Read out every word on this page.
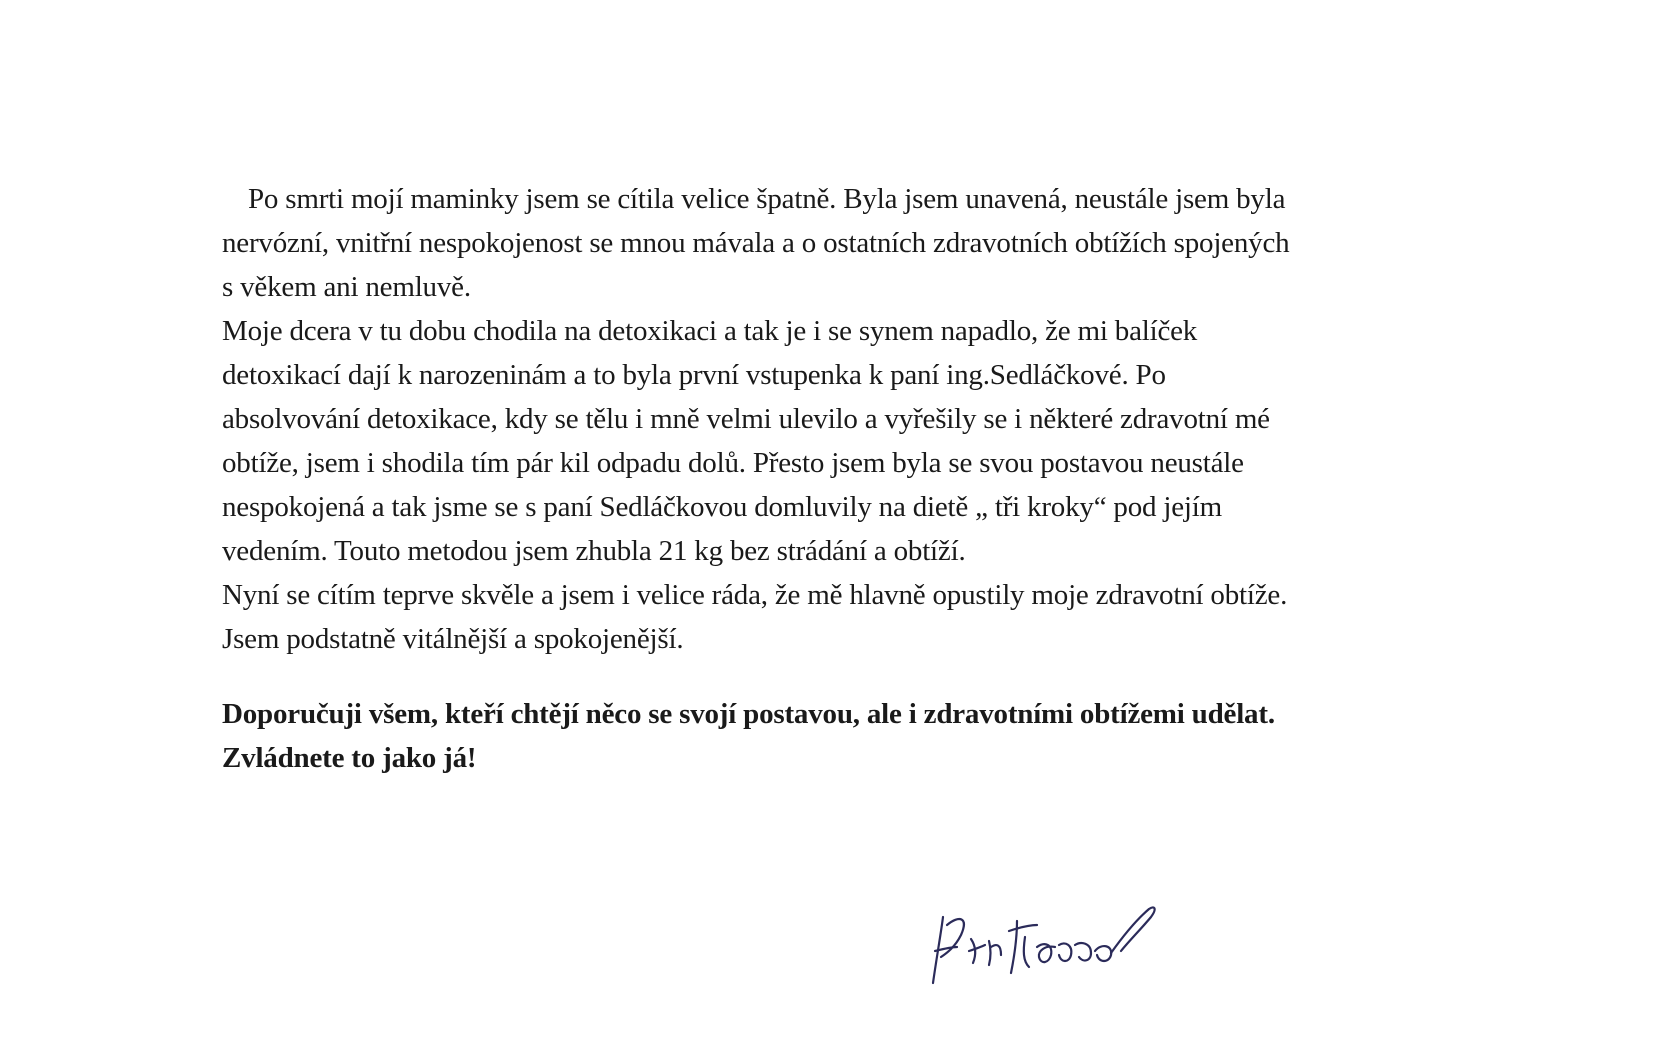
Po smrti mojí maminky jsem se cítila velice špatně. Byla jsem unavená, neustále jsem byla
nervózní, vnitřní nespokojenost se mnou mávala a o ostatních zdravotních obtížích spojených
s věkem ani nemluvě.
Moje dcera v tu dobu chodila na detoxikaci a tak je i se synem napadlo, že mi balíček
detoxikací dají k narozeninám a to byla první vstupenka k paní ing.Sedláčkové. Po
absolvování detoxikace, kdy se tělu i mně velmi ulevilo a vyřešily se i některé zdravotní mé
obtíže, jsem i shodila tím pár kil odpadu dolů. Přesto jsem byla se svou postavou neustále
nespokojená a tak jsme se s paní Sedláčkovou domluvily na dietě „ tři kroky“ pod jejím
vedením. Touto metodou jsem zhubla 21 kg bez strádání a obtíží.
Nyní se cítím teprve skvěle a jsem i velice ráda, že mě hlavně opustily moje zdravotní obtíže.
Jsem podstatně vitálnější a spokojenější.
Doporučuji všem, kteří chtějí něco se svojí postavou, ale i zdravotními obtížemi udělat.
Zvládnete to jako já!
